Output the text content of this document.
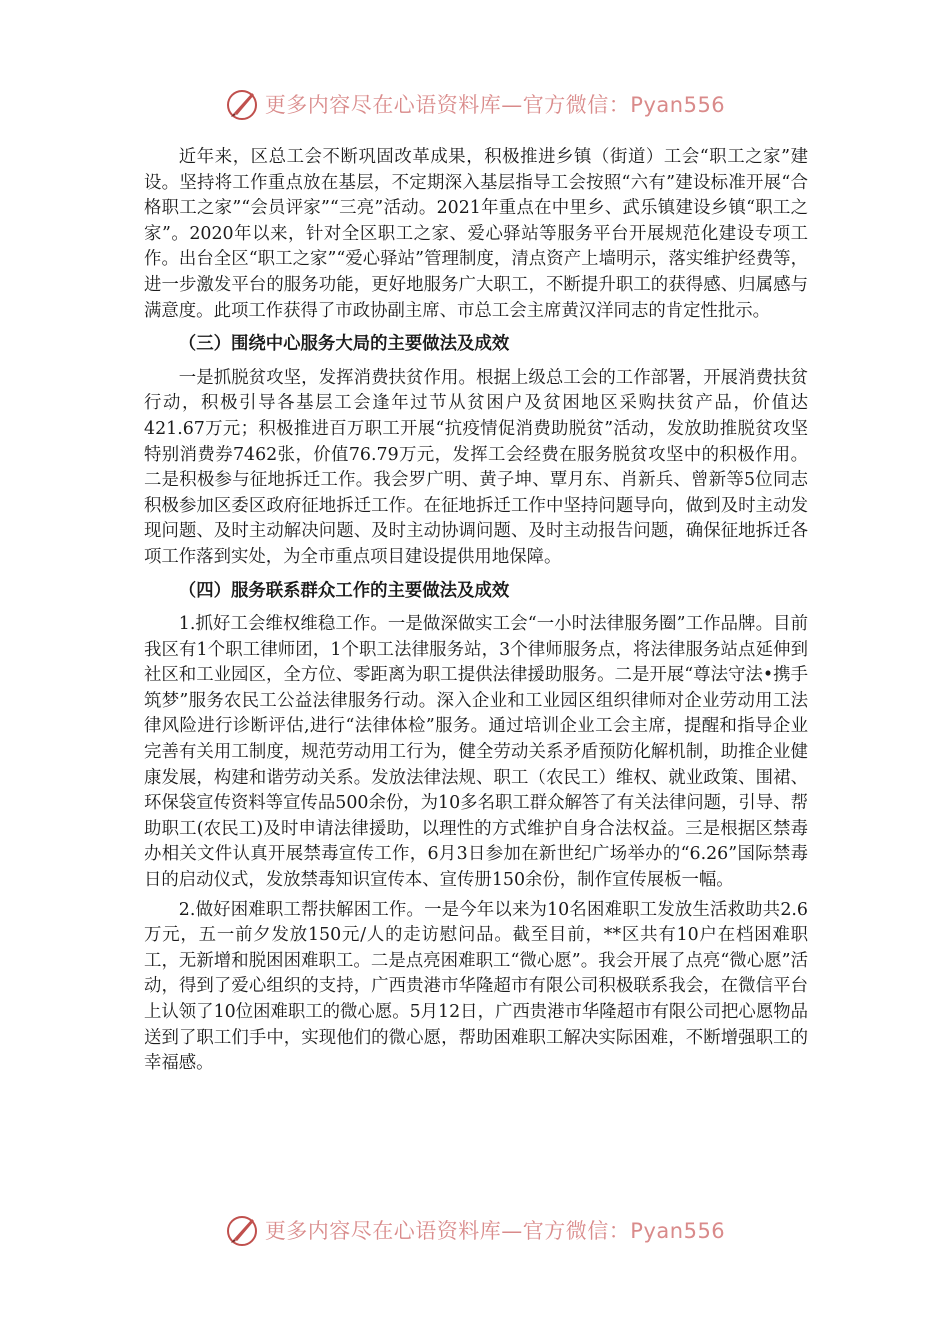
更多内容尽在心语资料库—官方微信：Pyan556

近年来，区总工会不断巩固改革成果，积极推进乡镇（街道）工会“职工之家”建设。坚持将工作重点放在基层，不定期深入基层指导工会按照“六有”建设标准开展“合格职工之家”“会员评家”“三亮”活动。2021年重点在中里乡、武乐镇建设乡镇“职工之家”。2020年以来，针对全区职工之家、爱心驿站等服务平台开展规范化建设专项工作。出台全区“职工之家”“爱心驿站”管理制度，清点资产上墙明示，落实维护经费等，进一步激发平台的服务功能，更好地服务广大职工，不断提升职工的获得感、归属感与满意度。此项工作获得了市政协副主席、市总工会主席黄汉洋同志的肯定性批示。

（三）围绕中心服务大局的主要做法及成效

一是抓脱贫攻坚，发挥消费扶贫作用。根据上级总工会的工作部署，开展消费扶贫行动，积极引导各基层工会逢年过节从贫困户及贫困地区采购扶贫产品，价值达421.67万元；积极推进百万职工开展“抗疫情促消费助脱贫”活动，发放助推脱贫攻坚特别消费券7462张，价值76.79万元，发挥工会经费在服务脱贫攻坚中的积极作用。二是积极参与征地拆迁工作。我会罗广明、黄子坤、覃月东、肖新兵、曾新等5位同志积极参加区委区政府征地拆迁工作。在征地拆迁工作中坚持问题导向，做到及时主动发现问题、及时主动解决问题、及时主动协调问题、及时主动报告问题，确保征地拆迁各项工作落到实处，为全市重点项目建设提供用地保障。

（四）服务联系群众工作的主要做法及成效

1.抓好工会维权维稳工作。一是做深做实工会“一小时法律服务圈”工作品牌。目前我区有1个职工律师团，1个职工法律服务站，3个律师服务点，将法律服务站点延伸到社区和工业园区，全方位、零距离为职工提供法律援助服务。二是开展“尊法守法•携手筑梦”服务农民工公益法律服务行动。深入企业和工业园区组织律师对企业劳动用工法律风险进行诊断评估,进行“法律体检”服务。通过培训企业工会主席，提醒和指导企业完善有关用工制度，规范劳动用工行为，健全劳动关系矛盾预防化解机制，助推企业健康发展，构建和谐劳动关系。发放法律法规、职工（农民工）维权、就业政策、围裙、环保袋宣传资料等宣传品500余份，为10多名职工群众解答了有关法律问题，引导、帮助职工(农民工)及时申请法律援助，以理性的方式维护自身合法权益。三是根据区禁毒办相关文件认真开展禁毒宣传工作，6月3日参加在新世纪广场举办的“6.26”国际禁毒日的启动仪式，发放禁毒知识宣传本、宣传册150余份，制作宣传展板一幅。

2.做好困难职工帮扶解困工作。一是今年以来为10名困难职工发放生活救助共2.6万元，五一前夕发放150元/人的走访慰问品。截至目前，**区共有10户在档困难职工，无新增和脱困困难职工。二是点亮困难职工“微心愿”。我会开展了点亮“微心愿”活动，得到了爱心组织的支持，广西贵港市华隆超市有限公司积极联系我会，在微信平台上认领了10位困难职工的微心愿。5月12日，广西贵港市华隆超市有限公司把心愿物品送到了职工们手中，实现他们的微心愿，帮助困难职工解决实际困难，不断增强职工的幸福感。

更多内容尽在心语资料库—官方微信：Pyan556
